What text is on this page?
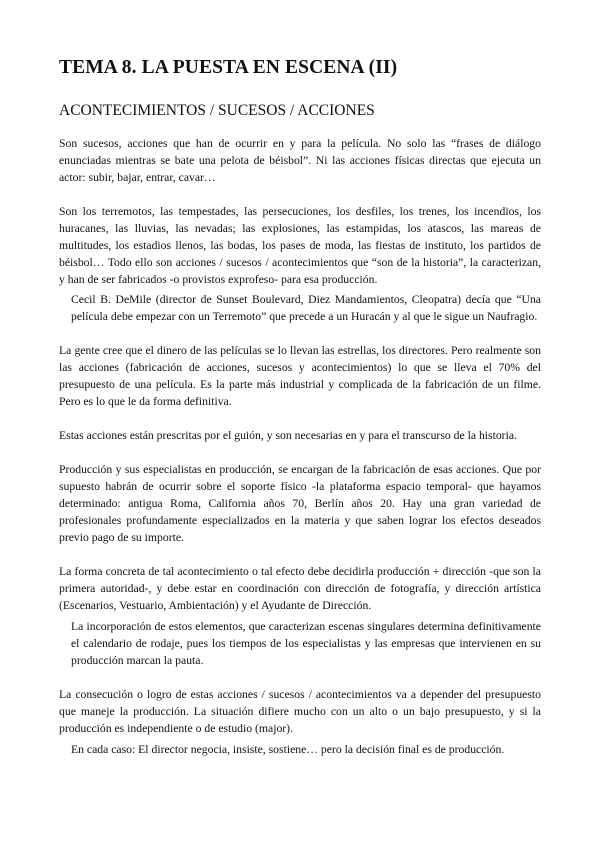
TEMA 8. LA PUESTA EN ESCENA (II)
ACONTECIMIENTOS / SUCESOS / ACCIONES

Son sucesos, acciones que han de ocurrir en y para la película. No solo las “frases de diálogo enunciadas mientras se bate una pelota de béisbol”. Ni las acciones físicas directas que ejecuta un actor: subir, bajar, entrar, cavar…

Son los terremotos, las tempestades, las persecuciones, los desfiles, los trenes, los incendios, los huracanes, las lluvias, las nevadas; las explosiones, las estampidas, los atascos, las mareas de multitudes, los estadios llenos, las bodas, los pases de moda, las fiestas de instituto, los partidos de béisbol… Todo ello son acciones / sucesos / acontecimientos que “son de la historia”, la caracterizan, y han de ser fabricados -o provistos exprofeso- para esa producción.

Cecil B. DeMile (director de Sunset Boulevard, Diez Mandamientos, Cleopatra) decía que “Una película debe empezar con un Terremoto” que precede a un Huracán y al que le sigue un Naufragio.

La gente cree que el dinero de las películas se lo llevan las estrellas, los directores. Pero realmente son las acciones (fabricación de acciones, sucesos y acontecimientos) lo que se lleva el 70% del presupuesto de una película. Es la parte más industrial y complicada de la fabricación de un filme. Pero es lo que le da forma definitiva.

Estas acciones están prescritas por el guión, y son necesarias en y para el transcurso de la historia.

Producción y sus especialistas en producción, se encargan de la fabricación de esas acciones. Que por supuesto habrán de ocurrir sobre el soporte físico -la plataforma espacio temporal- que hayamos determinado: antigua Roma, California años 70, Berlín años 20. Hay una gran variedad de profesionales profundamente especializados en la materia y que saben lograr los efectos deseados previo pago de su importe.

La forma concreta de tal acontecimiento o tal efecto debe decidirla producción + dirección -que son la primera autoridad-, y debe estar en coordinación con dirección de fotografía, y dirección artística (Escenarios, Vestuario, Ambientación) y el Ayudante de Dirección.

La incorporación de estos elementos, que caracterizan escenas singulares determina definitivamente el calendario de rodaje, pues los tiempos de los especialistas y las empresas que intervienen en su producción marcan la pauta.

La consecución o logro de estas acciones / sucesos / acontecimientos va a depender del presupuesto que maneje la producción. La situación difiere mucho con un alto o un bajo presupuesto, y si la producción es independiente o de estudio (major).

En cada caso: El director negocia, insiste, sostiene… pero la decisión final es de producción.
